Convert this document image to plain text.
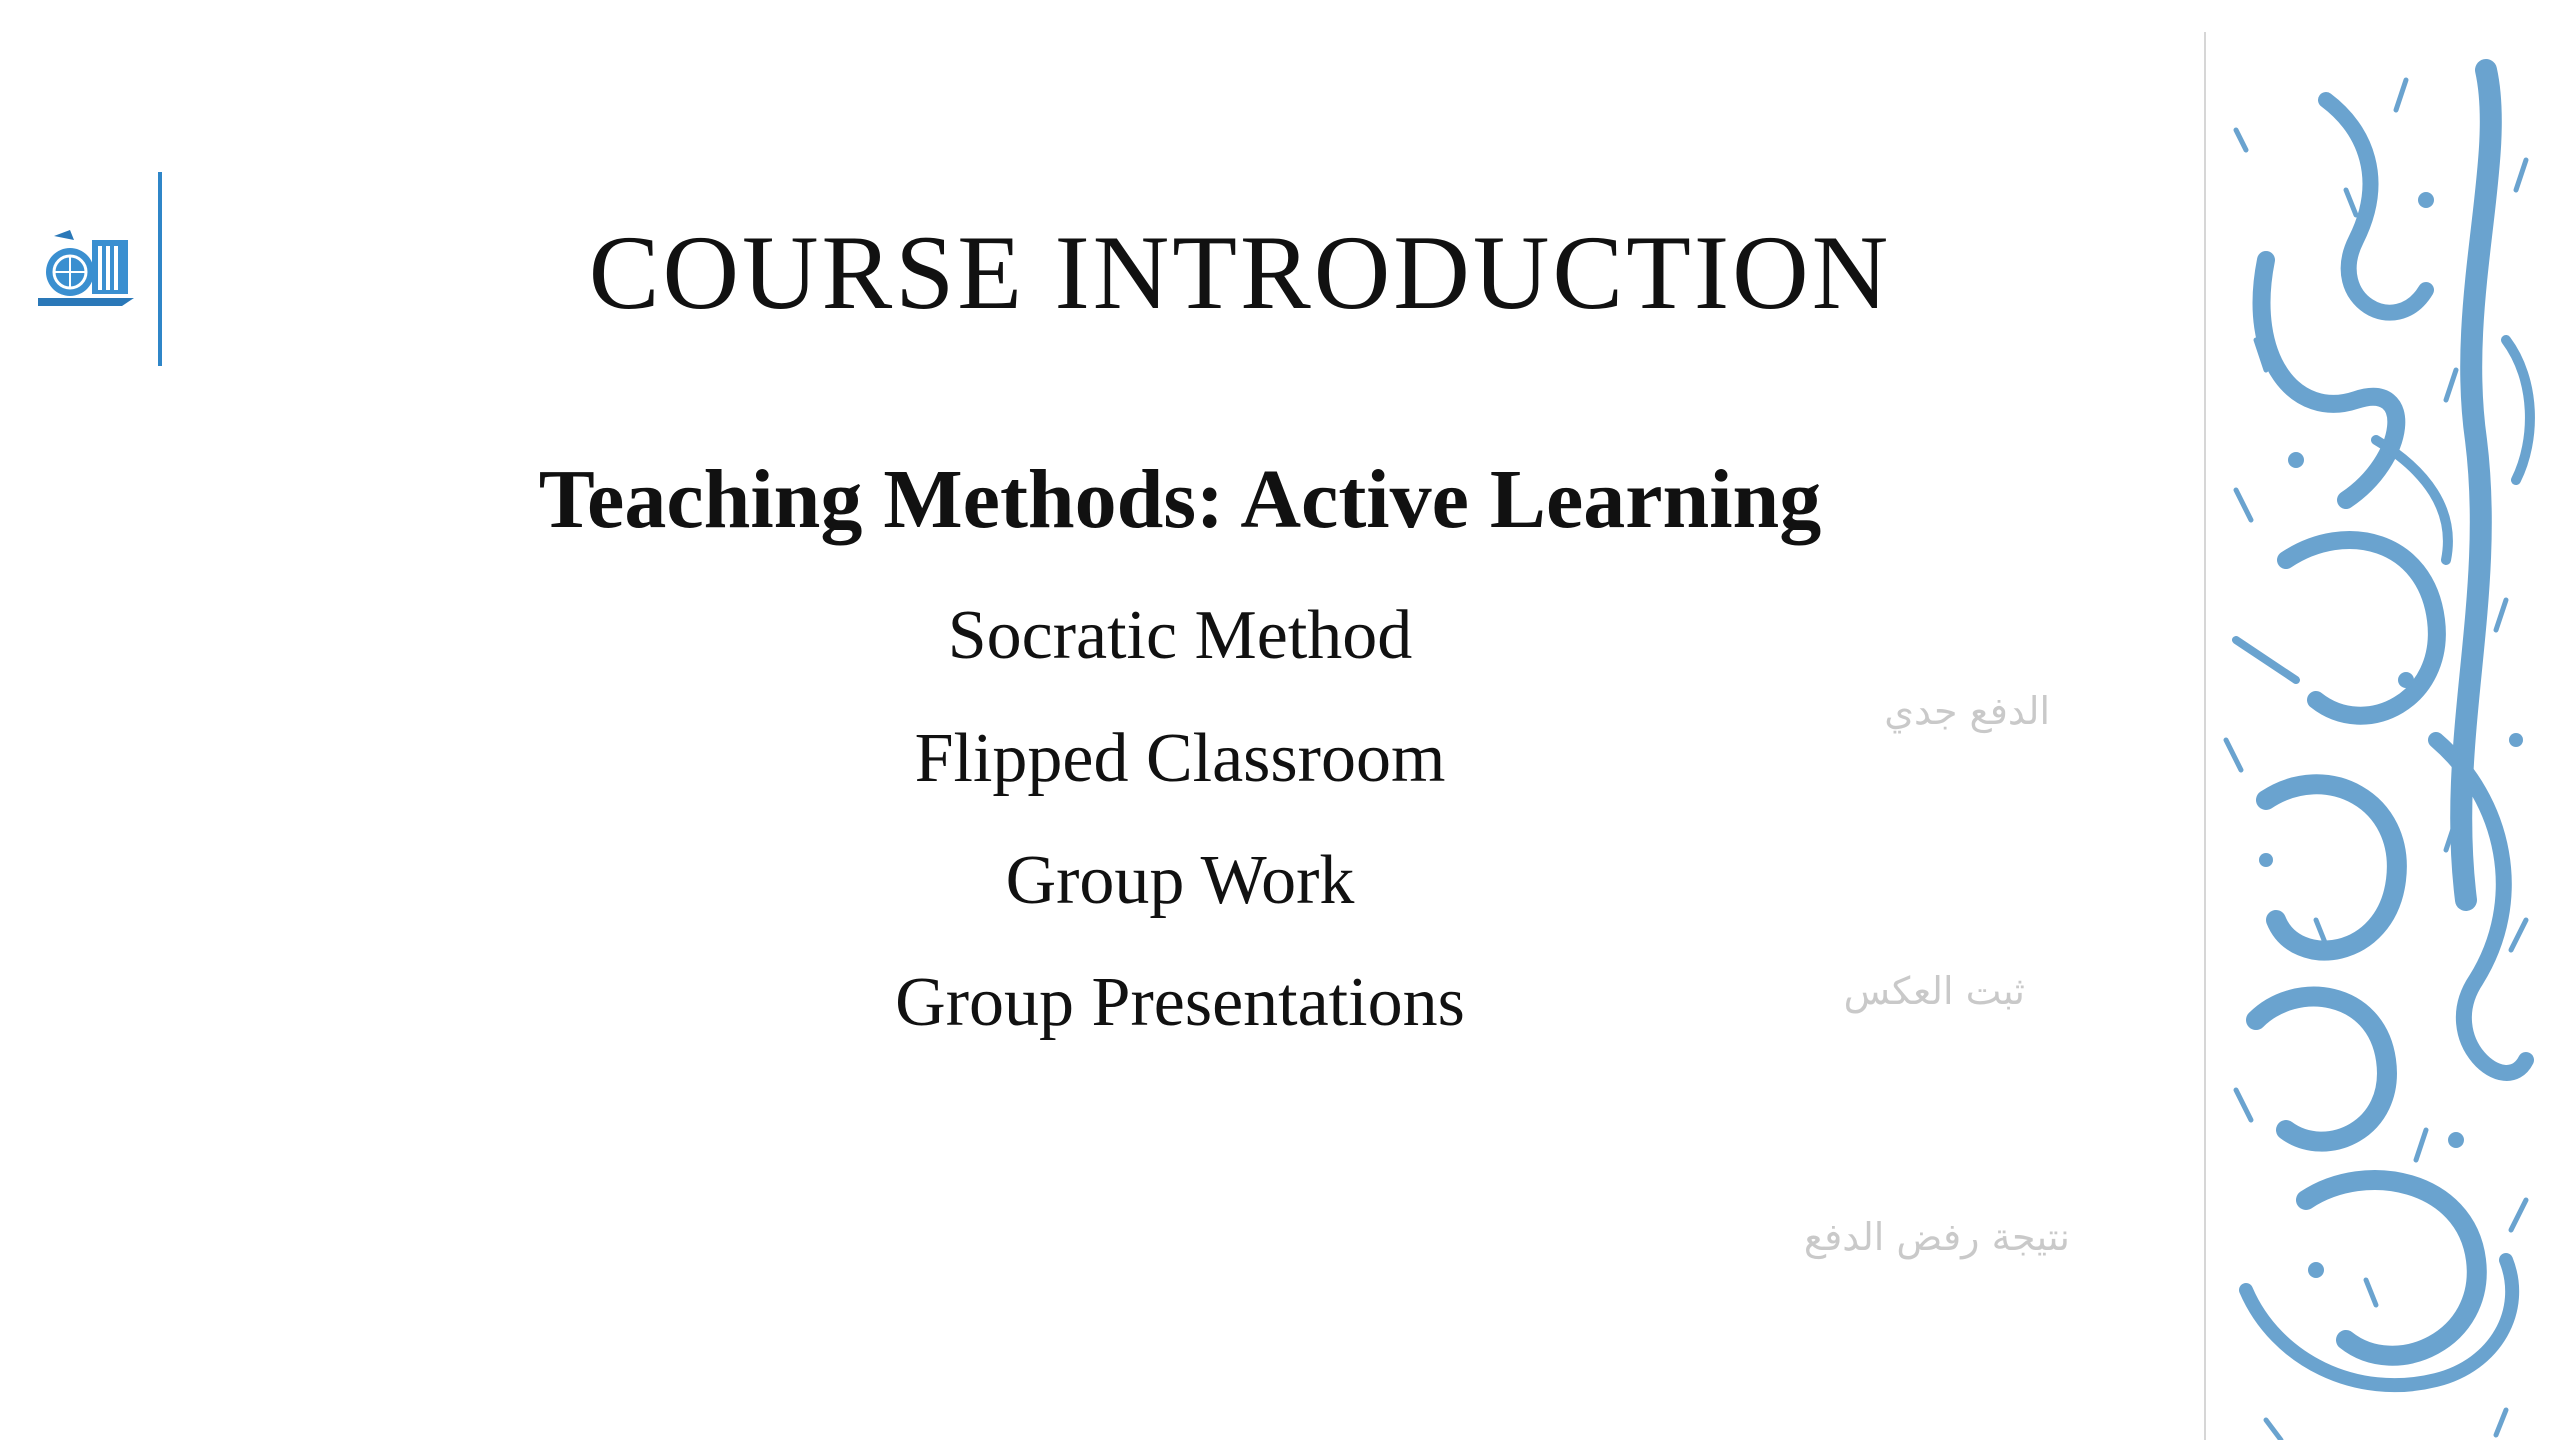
COURSE INTRODUCTION
Teaching Methods: Active Learning
Socratic Method
Flipped Classroom
Group Work
Group Presentations
الدفع جدي
ثبت العكس
نتيجة رفض الدفع
